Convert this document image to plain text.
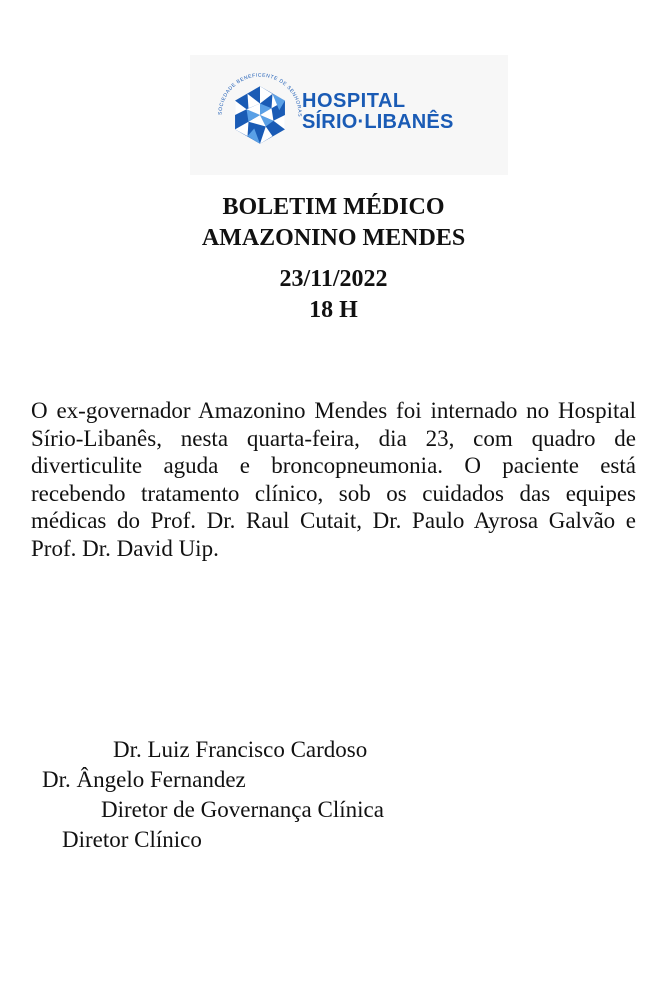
SOCIEDADE BENEFICENTE DE SENHORAS
HOSPITAL
SÍRIO·LIBANÊS
BOLETIM MÉDICO
AMAZONINO MENDES
23/11/2022
18 H
O ex-governador Amazonino Mendes foi internado no Hospital Sírio-Libanês, nesta quarta-feira, dia 23, com quadro de diverticulite aguda e broncopneumonia. O paciente está recebendo tratamento clínico, sob os cuidados das equipes médicas do Prof. Dr. Raul Cutait, Dr. Paulo Ayrosa Galvão e Prof. Dr. David Uip.
Dr. Luiz Francisco Cardoso
Dr. Ângelo Fernandez
Diretor de Governança Clínica
Diretor Clínico
